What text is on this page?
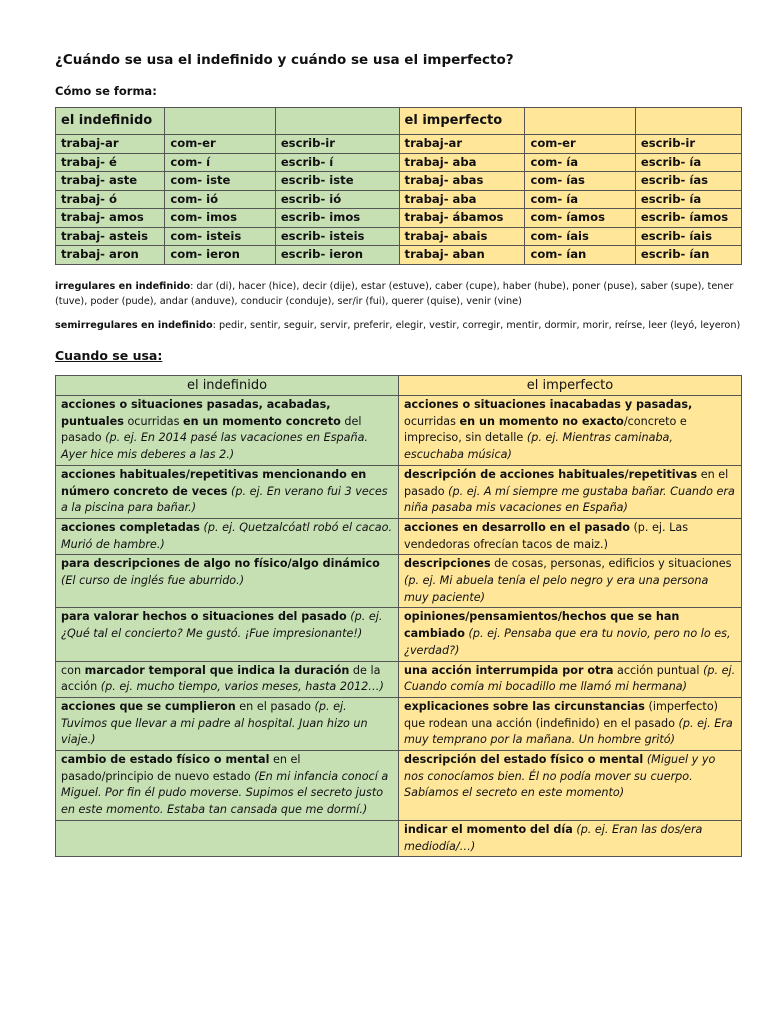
¿Cuándo se usa el indefinido y cuándo se usa el imperfecto?
Cómo se forma:
el indefinido			el imperfecto		
trabaj-ar	com-er	escrib-ir	trabaj-ar	com-er	escrib-ir
trabaj- é	com- í	escrib- í	trabaj- aba	com- ía	escrib- ía
trabaj- aste	com- iste	escrib- iste	trabaj- abas	com- ías	escrib- ías
trabaj- ó	com- ió	escrib- ió	trabaj- aba	com- ía	escrib- ía
trabaj- amos	com- imos	escrib- imos	trabaj- ábamos	com- íamos	escrib- íamos
trabaj- asteis	com- isteis	escrib- isteis	trabaj- abais	com- íais	escrib- íais
trabaj- aron	com- ieron	escrib- ieron	trabaj- aban	com- ían	escrib- ían
irregulares en indefinido: dar (di), hacer (hice), decir (dije), estar (estuve), caber (cupe), haber (hube), poner (puse), saber (supe), tener (tuve), poder (pude), andar (anduve), conducir (conduje), ser/ir (fui), querer (quise), venir (vine)
semirregulares en indefinido: pedir, sentir, seguir, servir, preferir, elegir, vestir, corregir, mentir, dormir, morir, reírse, leer (leyó, leyeron)
Cuando se usa:
el indefinido	el imperfecto
acciones o situaciones pasadas, acabadas, puntuales ocurridas en un momento concreto del pasado (p. ej. En 2014 pasé las vacaciones en España. Ayer hice mis deberes a las 2.)	acciones o situaciones inacabadas y pasadas, ocurridas en un momento no exacto/concreto e impreciso, sin detalle (p. ej. Mientras caminaba, escuchaba música)
acciones habituales/repetitivas mencionando en número concreto de veces (p. ej. En verano fui 3 veces a la piscina para bañar.)	descripción de acciones habituales/repetitivas en el pasado (p. ej. A mí siempre me gustaba bañar. Cuando era niña pasaba mis vacaciones en España)
acciones completadas (p. ej. Quetzalcóatl robó el cacao. Murió de hambre.)	acciones en desarrollo en el pasado (p. ej. Las vendedoras ofrecían tacos de maiz.)
para descripciones de algo no físico/algo dinámico (El curso de inglés fue aburrido.)	descripciones de cosas, personas, edificios y situaciones (p. ej. Mi abuela tenía el pelo negro y era una persona muy paciente)
para valorar hechos o situaciones del pasado (p. ej. ¿Qué tal el concierto? Me gustó. ¡Fue impresionante!)	opiniones/pensamientos/hechos que se han cambiado (p. ej. Pensaba que era tu novio, pero no lo es, ¿verdad?)
con marcador temporal que indica la duración de la acción (p. ej. mucho tiempo, varios meses, hasta 2012…)	una acción interrumpida por otra acción puntual (p. ej. Cuando comía mi bocadillo me llamó mi hermana)
acciones que se cumplieron en el pasado (p. ej. Tuvimos que llevar a mi padre al hospital. Juan hizo un viaje.)	explicaciones sobre las circunstancias (imperfecto) que rodean una acción (indefinido) en el pasado (p. ej. Era muy temprano por la mañana. Un hombre gritó)
cambio de estado físico o mental en el pasado/principio de nuevo estado (En mi infancia conocí a Miguel. Por fin él pudo moverse. Supimos el secreto justo en este momento. Estaba tan cansada que me dormí.)	descripción del estado físico o mental (Miguel y yo nos conocíamos bien. Él no podía mover su cuerpo. Sabíamos el secreto en este momento)
	indicar el momento del día (p. ej. Eran las dos/era mediodía/…)
